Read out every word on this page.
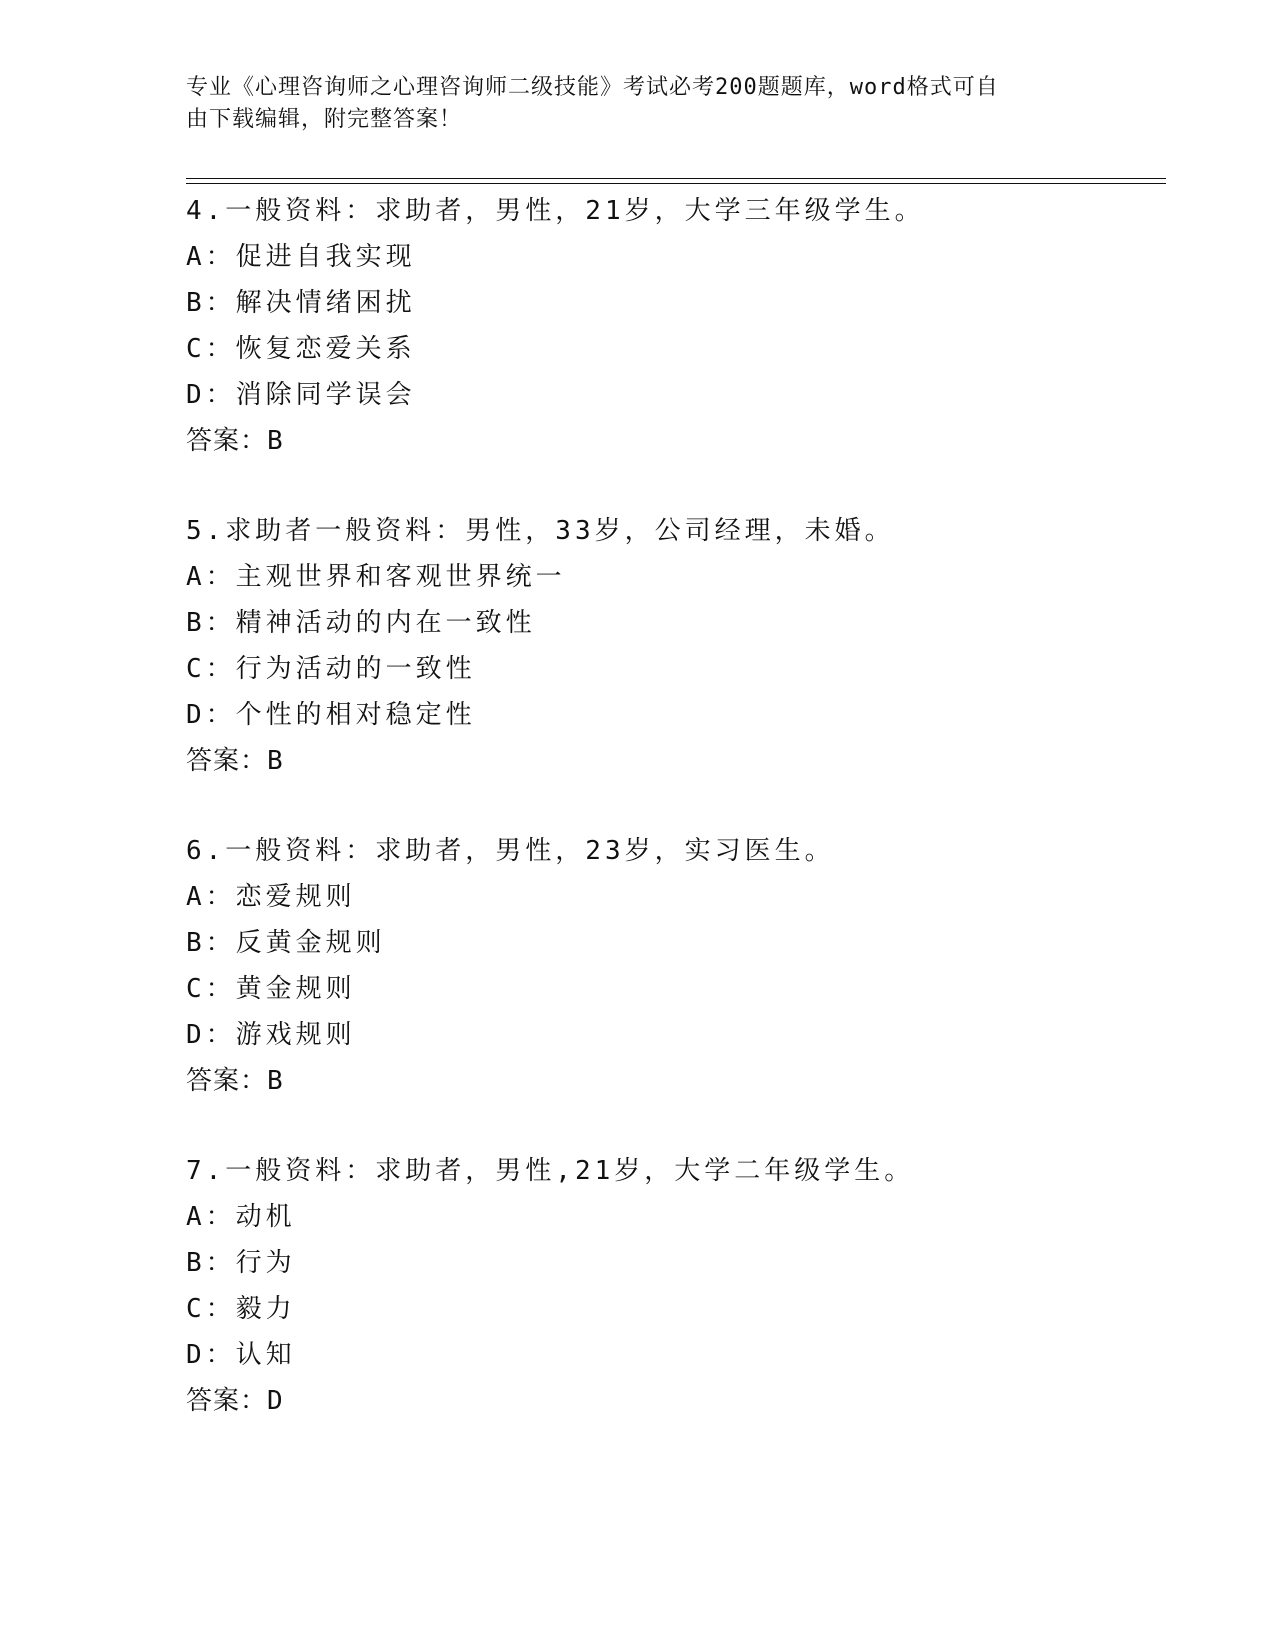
专业《心理咨询师之心理咨询师二级技能》考试必考200题题库，word格式可自
由下载编辑，附完整答案！
4.一般资料：求助者，男性，21岁，大学三年级学生。
A：促进自我实现
B：解决情绪困扰
C：恢复恋爱关系
D：消除同学误会
答案：B
5.求助者一般资料：男性，33岁，公司经理，未婚。
A：主观世界和客观世界统一
B：精神活动的内在一致性
C：行为活动的一致性
D：个性的相对稳定性
答案：B
6.一般资料：求助者，男性，23岁，实习医生。
A：恋爱规则
B：反黄金规则
C：黄金规则
D：游戏规则
答案：B
7.一般资料：求助者，男性,21岁，大学二年级学生。
A：动机
B：行为
C：毅力
D：认知
答案：D
